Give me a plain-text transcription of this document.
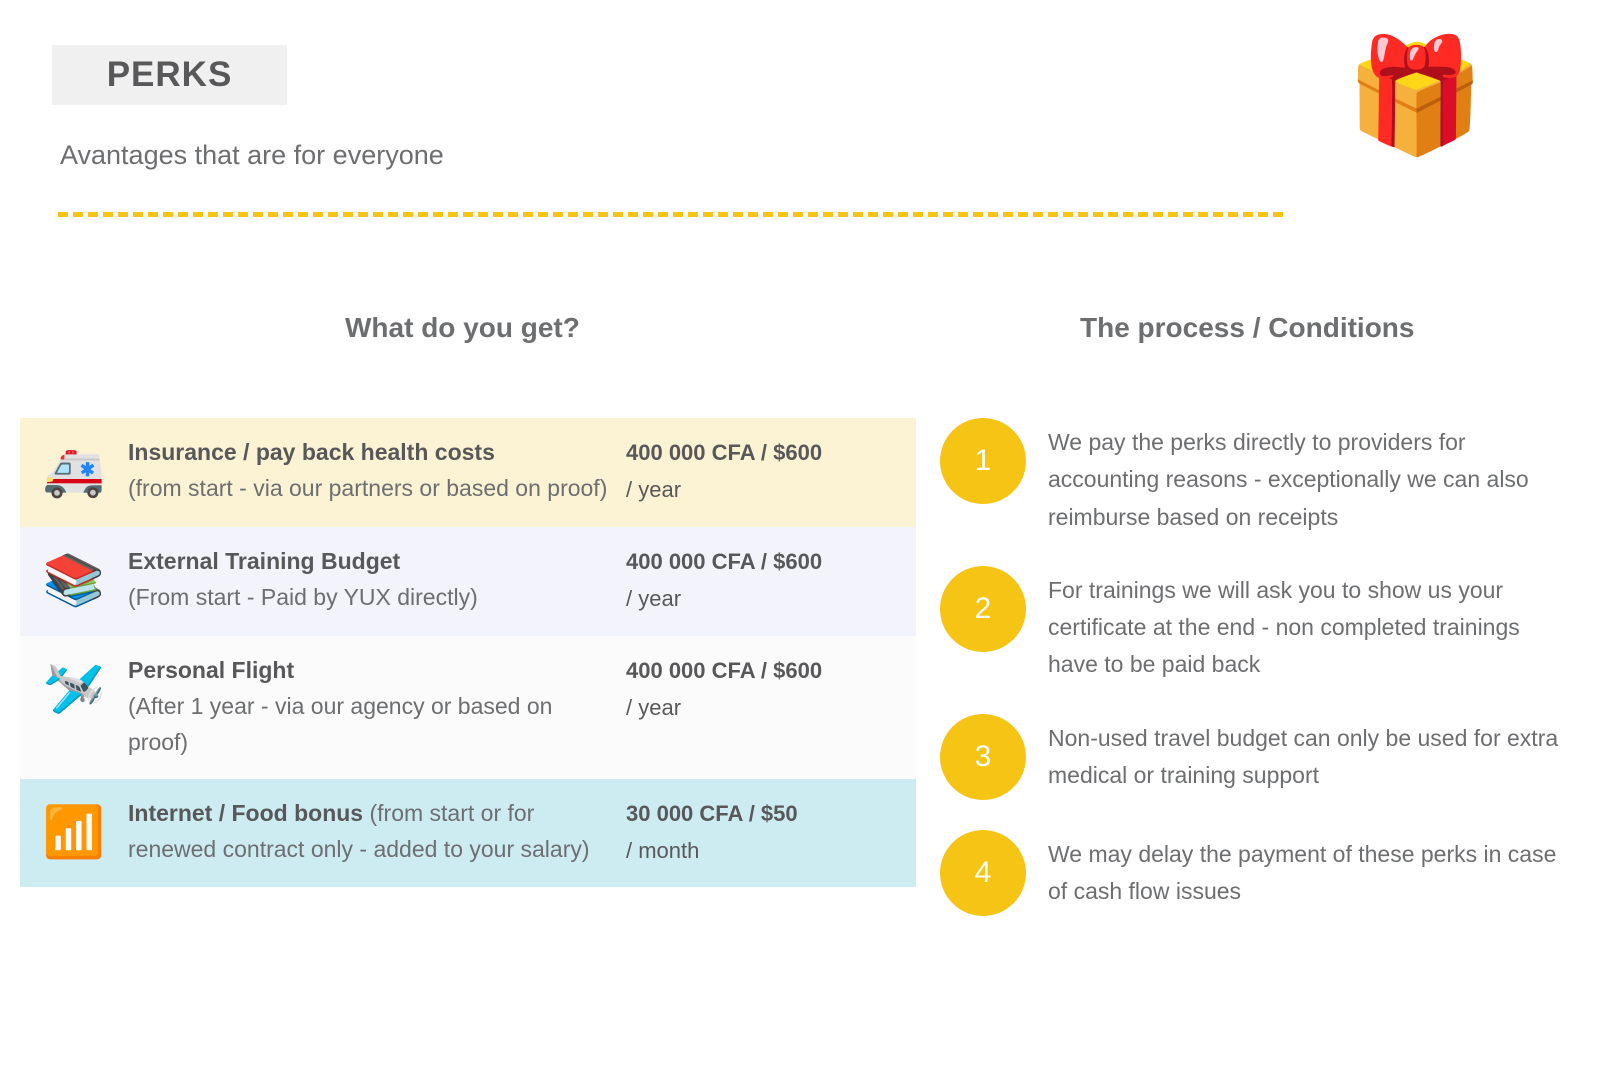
PERKS
Avantages that are for everyone	🎁
What do you get?	The process / Conditions
🚑 Insurance / pay back health costs
(from start - via our partners or based on proof)
400 000 CFA / $600
/ year
📚 External Training Budget
(From start - Paid by YUX directly)
400 000 CFA / $600
/ year
🛩️ Personal Flight
(After 1 year - via our agency or based on proof)
400 000 CFA / $600
/ year
📶 Internet / Food bonus (from start or for renewed contract only - added to your salary)
30 000 CFA / $50
/ month
1
We pay the perks directly to providers for accounting reasons - exceptionally we can also reimburse based on receipts
2
For trainings we will ask you to show us your certificate at the end - non completed trainings have to be paid back
3
Non-used travel budget can only be used for extra medical or training support
4
We may delay the payment of these perks in case of cash flow issues
